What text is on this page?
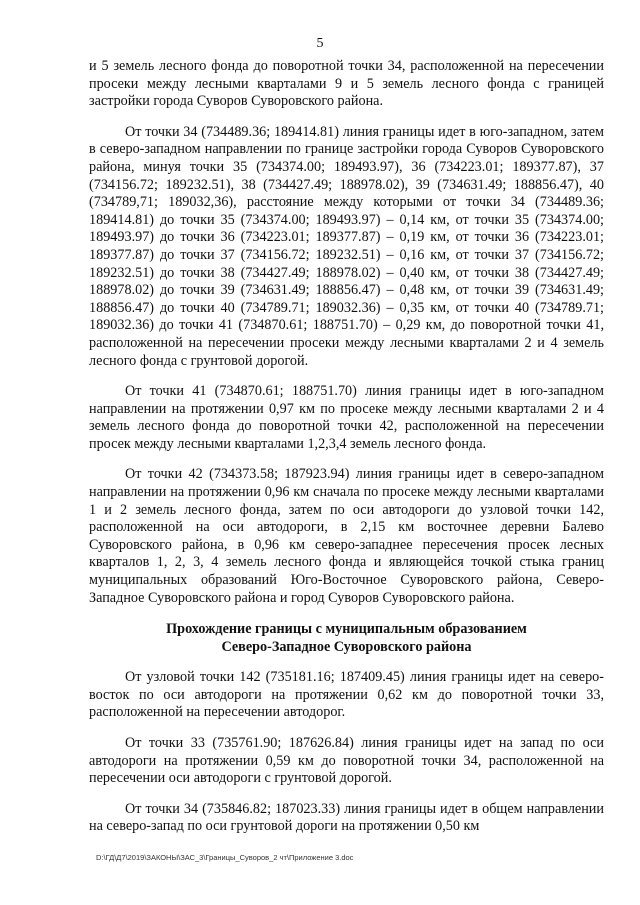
5

и 5 земель лесного фонда до поворотной точки 34, расположенной на пересечении просеки между лесными кварталами 9 и 5 земель лесного фонда с границей застройки города Суворов Суворовского района.

От точки 34 (734489.36; 189414.81) линия границы идет в юго-западном, затем в северо-западном направлении по границе застройки города Суворов Суворовского района, минуя точки 35 (734374.00; 189493.97), 36 (734223.01; 189377.87), 37 (734156.72; 189232.51), 38 (734427.49; 188978.02), 39 (734631.49; 188856.47), 40 (734789,71; 189032,36), расстояние между которыми от точки 34 (734489.36; 189414.81) до точки 35 (734374.00; 189493.97) – 0,14 км, от точки 35 (734374.00; 189493.97) до точки 36 (734223.01; 189377.87) – 0,19 км, от точки 36 (734223.01; 189377.87) до точки 37 (734156.72; 189232.51) – 0,16 км, от точки 37 (734156.72; 189232.51) до точки 38 (734427.49; 188978.02) – 0,40 км, от точки 38 (734427.49; 188978.02) до точки 39 (734631.49; 188856.47) – 0,48 км, от точки 39 (734631.49; 188856.47) до точки 40 (734789.71; 189032.36) – 0,35 км, от точки 40 (734789.71; 189032.36) до точки 41 (734870.61; 188751.70) – 0,29 км, до поворотной точки 41, расположенной на пересечении просеки между лесными кварталами 2 и 4 земель лесного фонда с грунтовой дорогой.

От точки 41 (734870.61; 188751.70) линия границы идет в юго-западном направлении на протяжении 0,97 км по просеке между лесными кварталами 2 и 4 земель лесного фонда до поворотной точки 42, расположенной на пересечении просек между лесными кварталами 1,2,3,4 земель лесного фонда.

От точки 42 (734373.58; 187923.94) линия границы идет в северо-западном направлении на протяжении 0,96 км сначала по просеке между лесными кварталами 1 и 2 земель лесного фонда, затем по оси автодороги до узловой точки 142, расположенной на оси автодороги, в 2,15 км восточнее деревни Балево Суворовского района, в 0,96 км северо-западнее пересечения просек лесных кварталов 1, 2, 3, 4 земель лесного фонда и являющейся точкой стыка границ муниципальных образований Юго-Восточное Суворовского района, Северо-Западное Суворовского района и город Суворов Суворовского района.

Прохождение границы с муниципальным образованием
Северо-Западное Суворовского района

От узловой точки 142 (735181.16; 187409.45) линия границы идет на северо-восток по оси автодороги на протяжении 0,62 км до поворотной точки 33, расположенной на пересечении автодорог.

От точки 33 (735761.90; 187626.84) линия границы идет на запад по оси автодороги на протяжении 0,59 км до поворотной точки 34, расположенной на пересечении оси автодороги с грунтовой дорогой.

От точки 34 (735846.82; 187023.33) линия границы идет в общем направлении на северо-запад по оси грунтовой дороги на протяжении 0,50 км

D:\ГД\Д7\2019\ЗАКОНЫ\ЗАС_3\Границы_Суворов_2 чт\Приложение 3.doc
